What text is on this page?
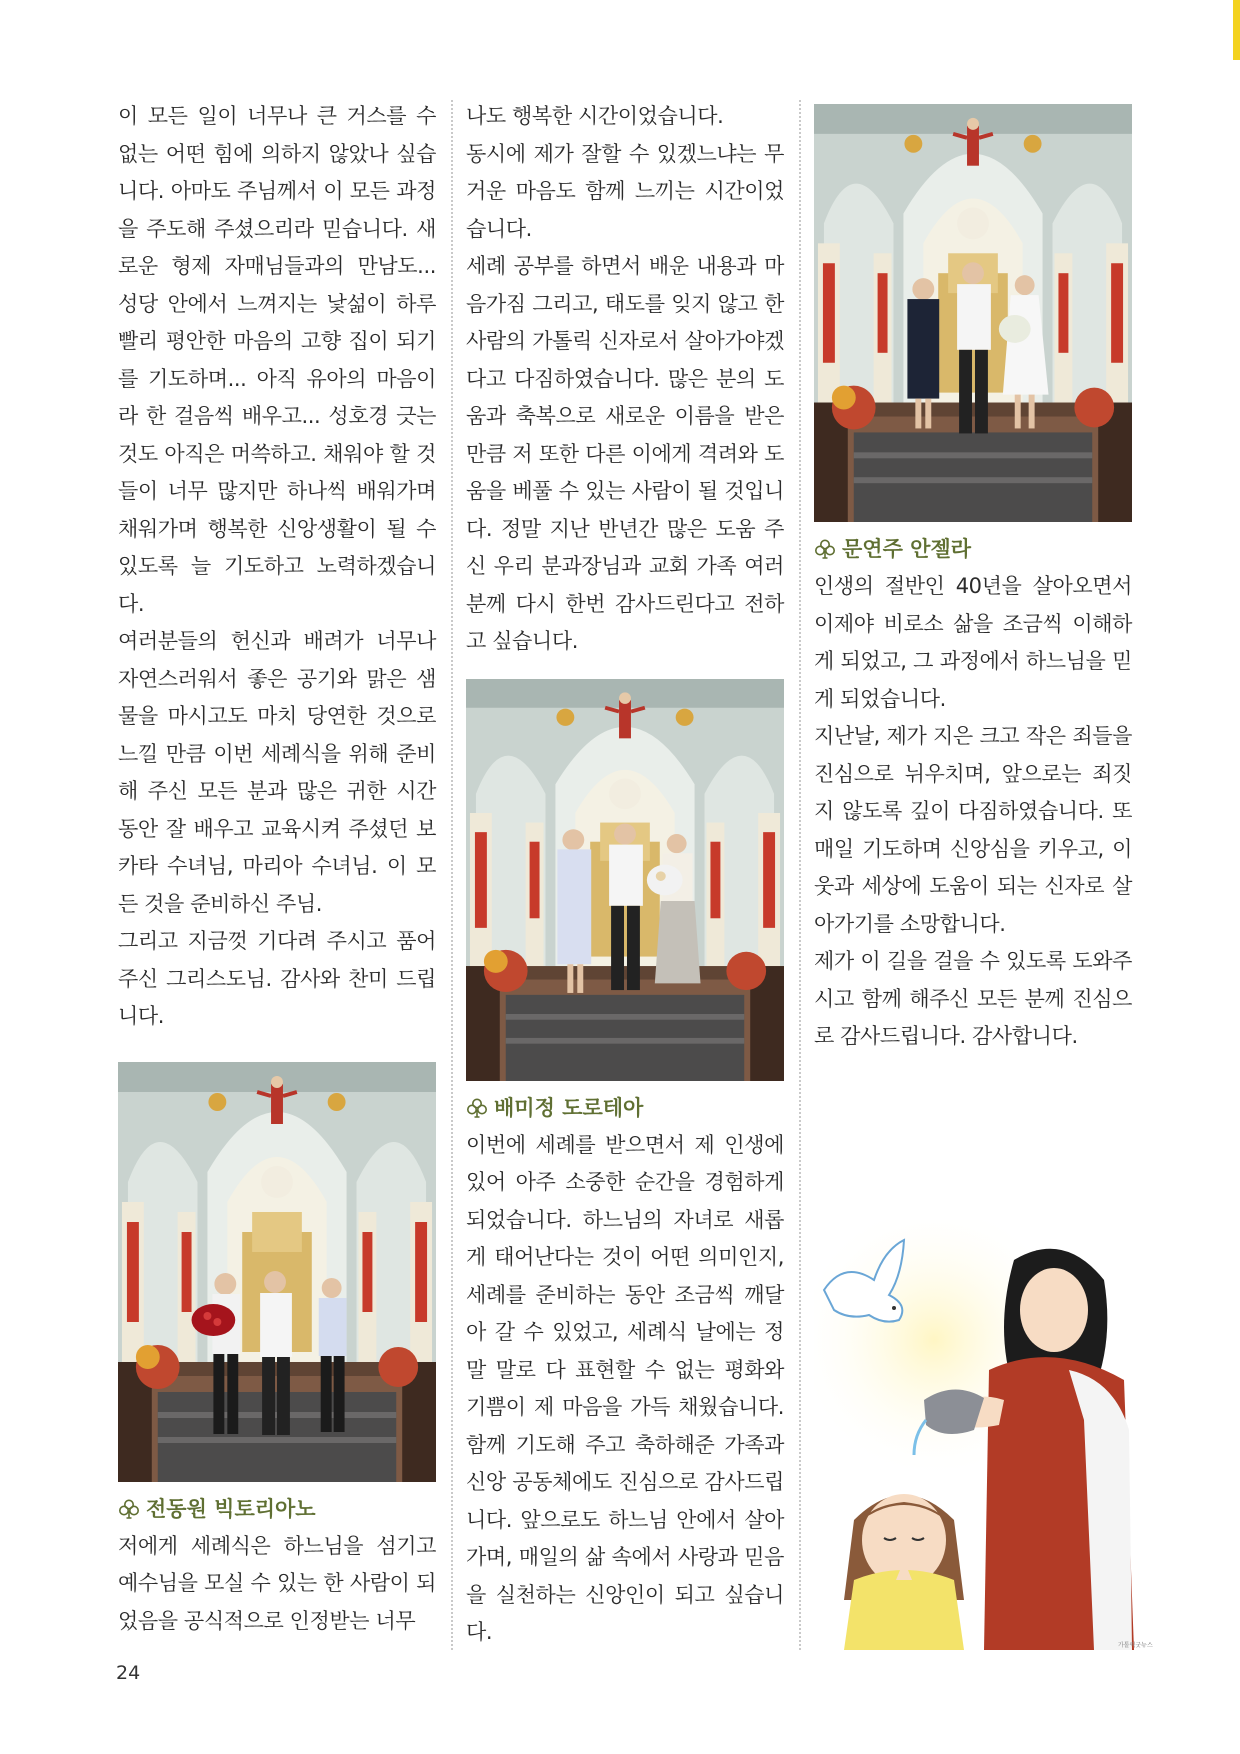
이 모든 일이 너무나 큰 거스를 수 없는 어떤 힘에 의하지 않았나 싶습니다. 아마도 주님께서 이 모든 과정을 주도해 주셨으리라 믿습니다. 새로운 형제 자매님들과의 만남도... 성당 안에서 느껴지는 낯섦이 하루 빨리 평안한 마음의 고향 집이 되기를 기도하며... 아직 유아의 마음이라 한 걸음씩 배우고... 성호경 긋는 것도 아직은 머쓱하고. 채워야 할 것들이 너무 많지만 하나씩 배워가며 채워가며 행복한 신앙생활이 될 수 있도록 늘 기도하고 노력하겠습니다.

여러분들의 헌신과 배려가 너무나 자연스러워서 좋은 공기와 맑은 샘물을 마시고도 마치 당연한 것으로 느낄 만큼 이번 세례식을 위해 준비해 주신 모든 분과 많은 귀한 시간 동안 잘 배우고 교육시켜 주셨던 보카타 수녀님, 마리아 수녀님. 이 모든 것을 준비하신 주님.

그리고 지금껏 기다려 주시고 품어 주신 그리스도님. 감사와 찬미 드립니다.

전동원 빅토리아노

저에게 세례식은 하느님을 섬기고 예수님을 모실 수 있는 한 사람이 되었음을 공식적으로 인정받는 너무

나도 행복한 시간이었습니다.

동시에 제가 잘할 수 있겠느냐는 무거운 마음도 함께 느끼는 시간이었습니다.

세례 공부를 하면서 배운 내용과 마음가짐 그리고, 태도를 잊지 않고 한 사람의 가톨릭 신자로서 살아가야겠다고 다짐하였습니다. 많은 분의 도움과 축복으로 새로운 이름을 받은 만큼 저 또한 다른 이에게 격려와 도움을 베풀 수 있는 사람이 될 것입니다. 정말 지난 반년간 많은 도움 주신 우리 분과장님과 교회 가족 여러분께 다시 한번 감사드린다고 전하고 싶습니다.

배미정 도로테아

이번에 세례를 받으면서 제 인생에 있어 아주 소중한 순간을 경험하게 되었습니다. 하느님의 자녀로 새롭게 태어난다는 것이 어떤 의미인지, 세례를 준비하는 동안 조금씩 깨달아 갈 수 있었고, 세례식 날에는 정말 말로 다 표현할 수 없는 평화와 기쁨이 제 마음을 가득 채웠습니다. 함께 기도해 주고 축하해준 가족과 신앙 공동체에도 진심으로 감사드립니다. 앞으로도 하느님 안에서 살아가며, 매일의 삶 속에서 사랑과 믿음을 실천하는 신앙인이 되고 싶습니다.

문연주 안젤라

인생의 절반인 40년을 살아오면서 이제야 비로소 삶을 조금씩 이해하게 되었고, 그 과정에서 하느님을 믿게 되었습니다.

지난날, 제가 지은 크고 작은 죄들을 진심으로 뉘우치며, 앞으로는 죄짓지 않도록 깊이 다짐하였습니다. 또 매일 기도하며 신앙심을 키우고, 이웃과 세상에 도움이 되는 신자로 살아가기를 소망합니다.

제가 이 길을 걸을 수 있도록 도와주시고 함께 해주신 모든 분께 진심으로 감사드립니다. 감사합니다.

가톨릭굿뉴스
24
